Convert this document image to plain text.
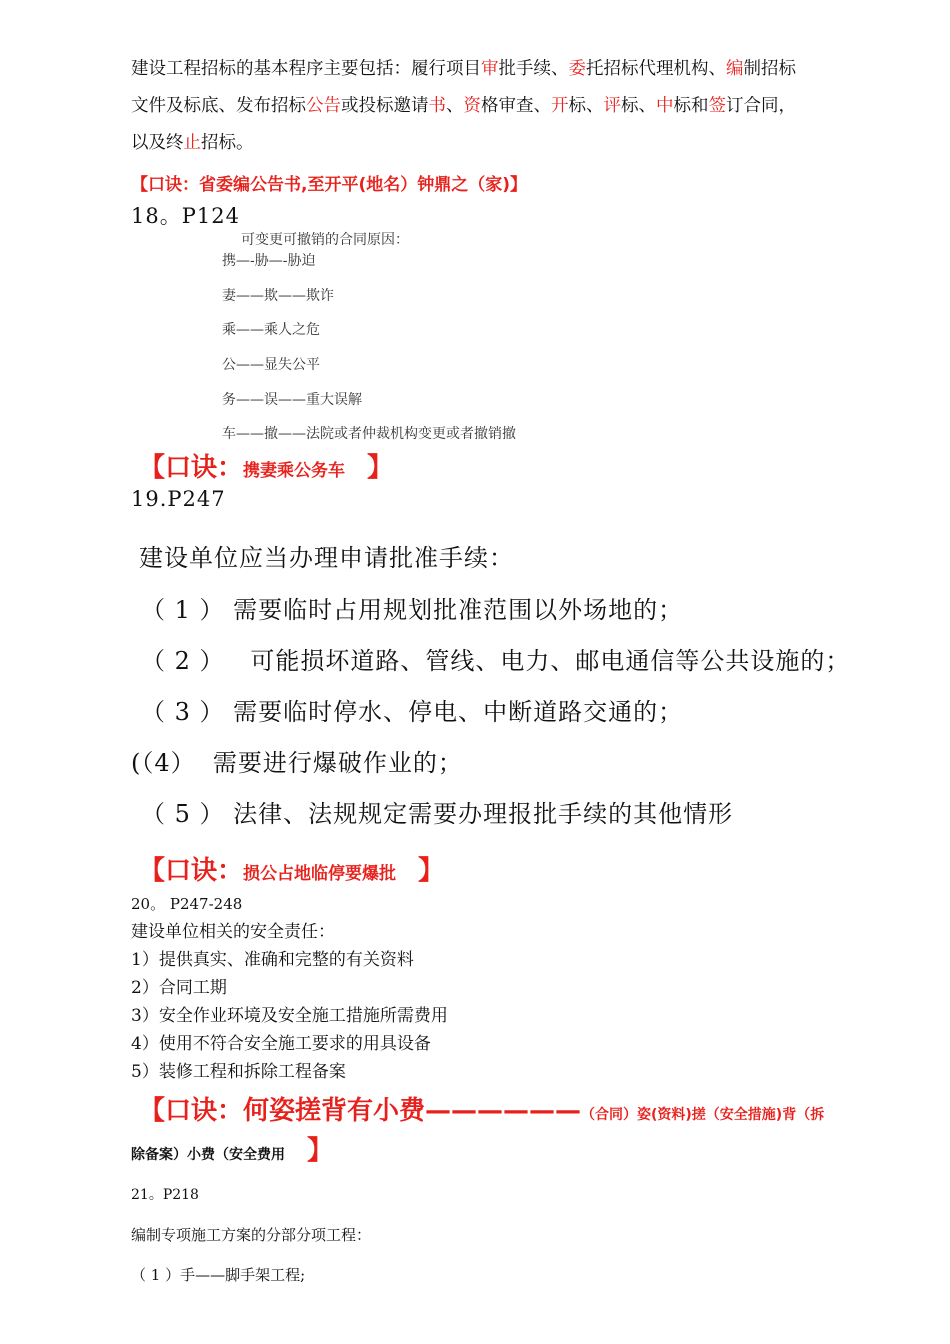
建设工程招标的基本程序主要包括：履行项目审批手续、委托招标代理机构、编制招标
文件及标底、发布招标公告或投标邀请书、资格审查、开标、评标、中标和签订合同，
以及终止招标。
【口诀：省委编公告书,至开平(地名）钟鼎之（家)】
18。P124
可变更可撤销的合同原因：
携—-胁—-胁迫
妻——欺——欺诈
乘——乘人之危
公——显失公平
务——误——重大误解
车——撤——法院或者仲裁机构变更或者撤销撤
【口诀：携妻乘公务车 】
19.P247
建设单位应当办理申请批准手续：
（ 1 ） 需要临时占用规划批准范围以外场地的；
（ 2 ） 可能损坏道路、管线、电力、邮电通信等公共设施的；
（ 3 ） 需要临时停水、停电、中断道路交通的；
(（4） 需要进行爆破作业的；
（ 5 ） 法律、法规规定需要办理报批手续的其他情形
【口诀：损公占地临停要爆批 】
20。 P247-248
建设单位相关的安全责任：
1）提供真实、准确和完整的有关资料
2）合同工期
3）安全作业环境及安全施工措施所需费用
4）使用不符合安全施工要求的用具设备
5）装修工程和拆除工程备案
【口诀：何姿搓背有小费——————（合同）姿(资料)搓（安全措施)背（拆
除备案）小费（安全费用 】
21。P218
编制专项施工方案的分部分项工程：
（ 1 ）手——脚手架工程;
